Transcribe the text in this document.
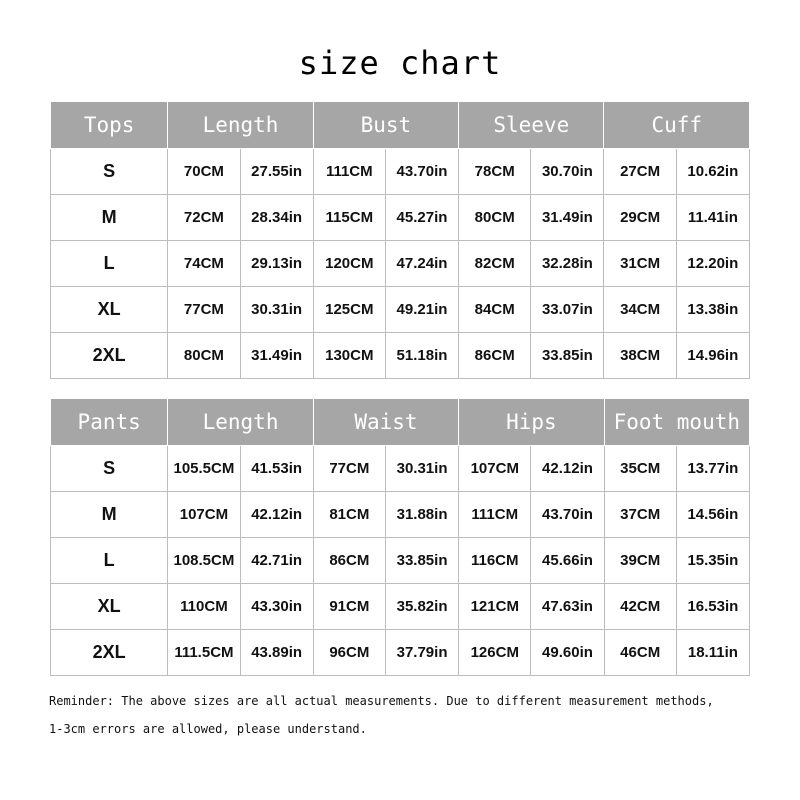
size chart
Tops	Length		Bust		Sleeve		Cuff	
S	70CM	27.55in	111CM	43.70in	78CM	30.70in	27CM	10.62in
M	72CM	28.34in	115CM	45.27in	80CM	31.49in	29CM	11.41in
L	74CM	29.13in	120CM	47.24in	82CM	32.28in	31CM	12.20in
XL	77CM	30.31in	125CM	49.21in	84CM	33.07in	34CM	13.38in
2XL	80CM	31.49in	130CM	51.18in	86CM	33.85in	38CM	14.96in
Pants	Length		Waist		Hips		Foot mouth	
S	105.5CM	41.53in	77CM	30.31in	107CM	42.12in	35CM	13.77in
M	107CM	42.12in	81CM	31.88in	111CM	43.70in	37CM	14.56in
L	108.5CM	42.71in	86CM	33.85in	116CM	45.66in	39CM	15.35in
XL	110CM	43.30in	91CM	35.82in	121CM	47.63in	42CM	16.53in
2XL	111.5CM	43.89in	96CM	37.79in	126CM	49.60in	46CM	18.11in
Reminder: The above sizes are all actual measurements. Due to different measurement methods,
1-3cm errors are allowed, please understand.
